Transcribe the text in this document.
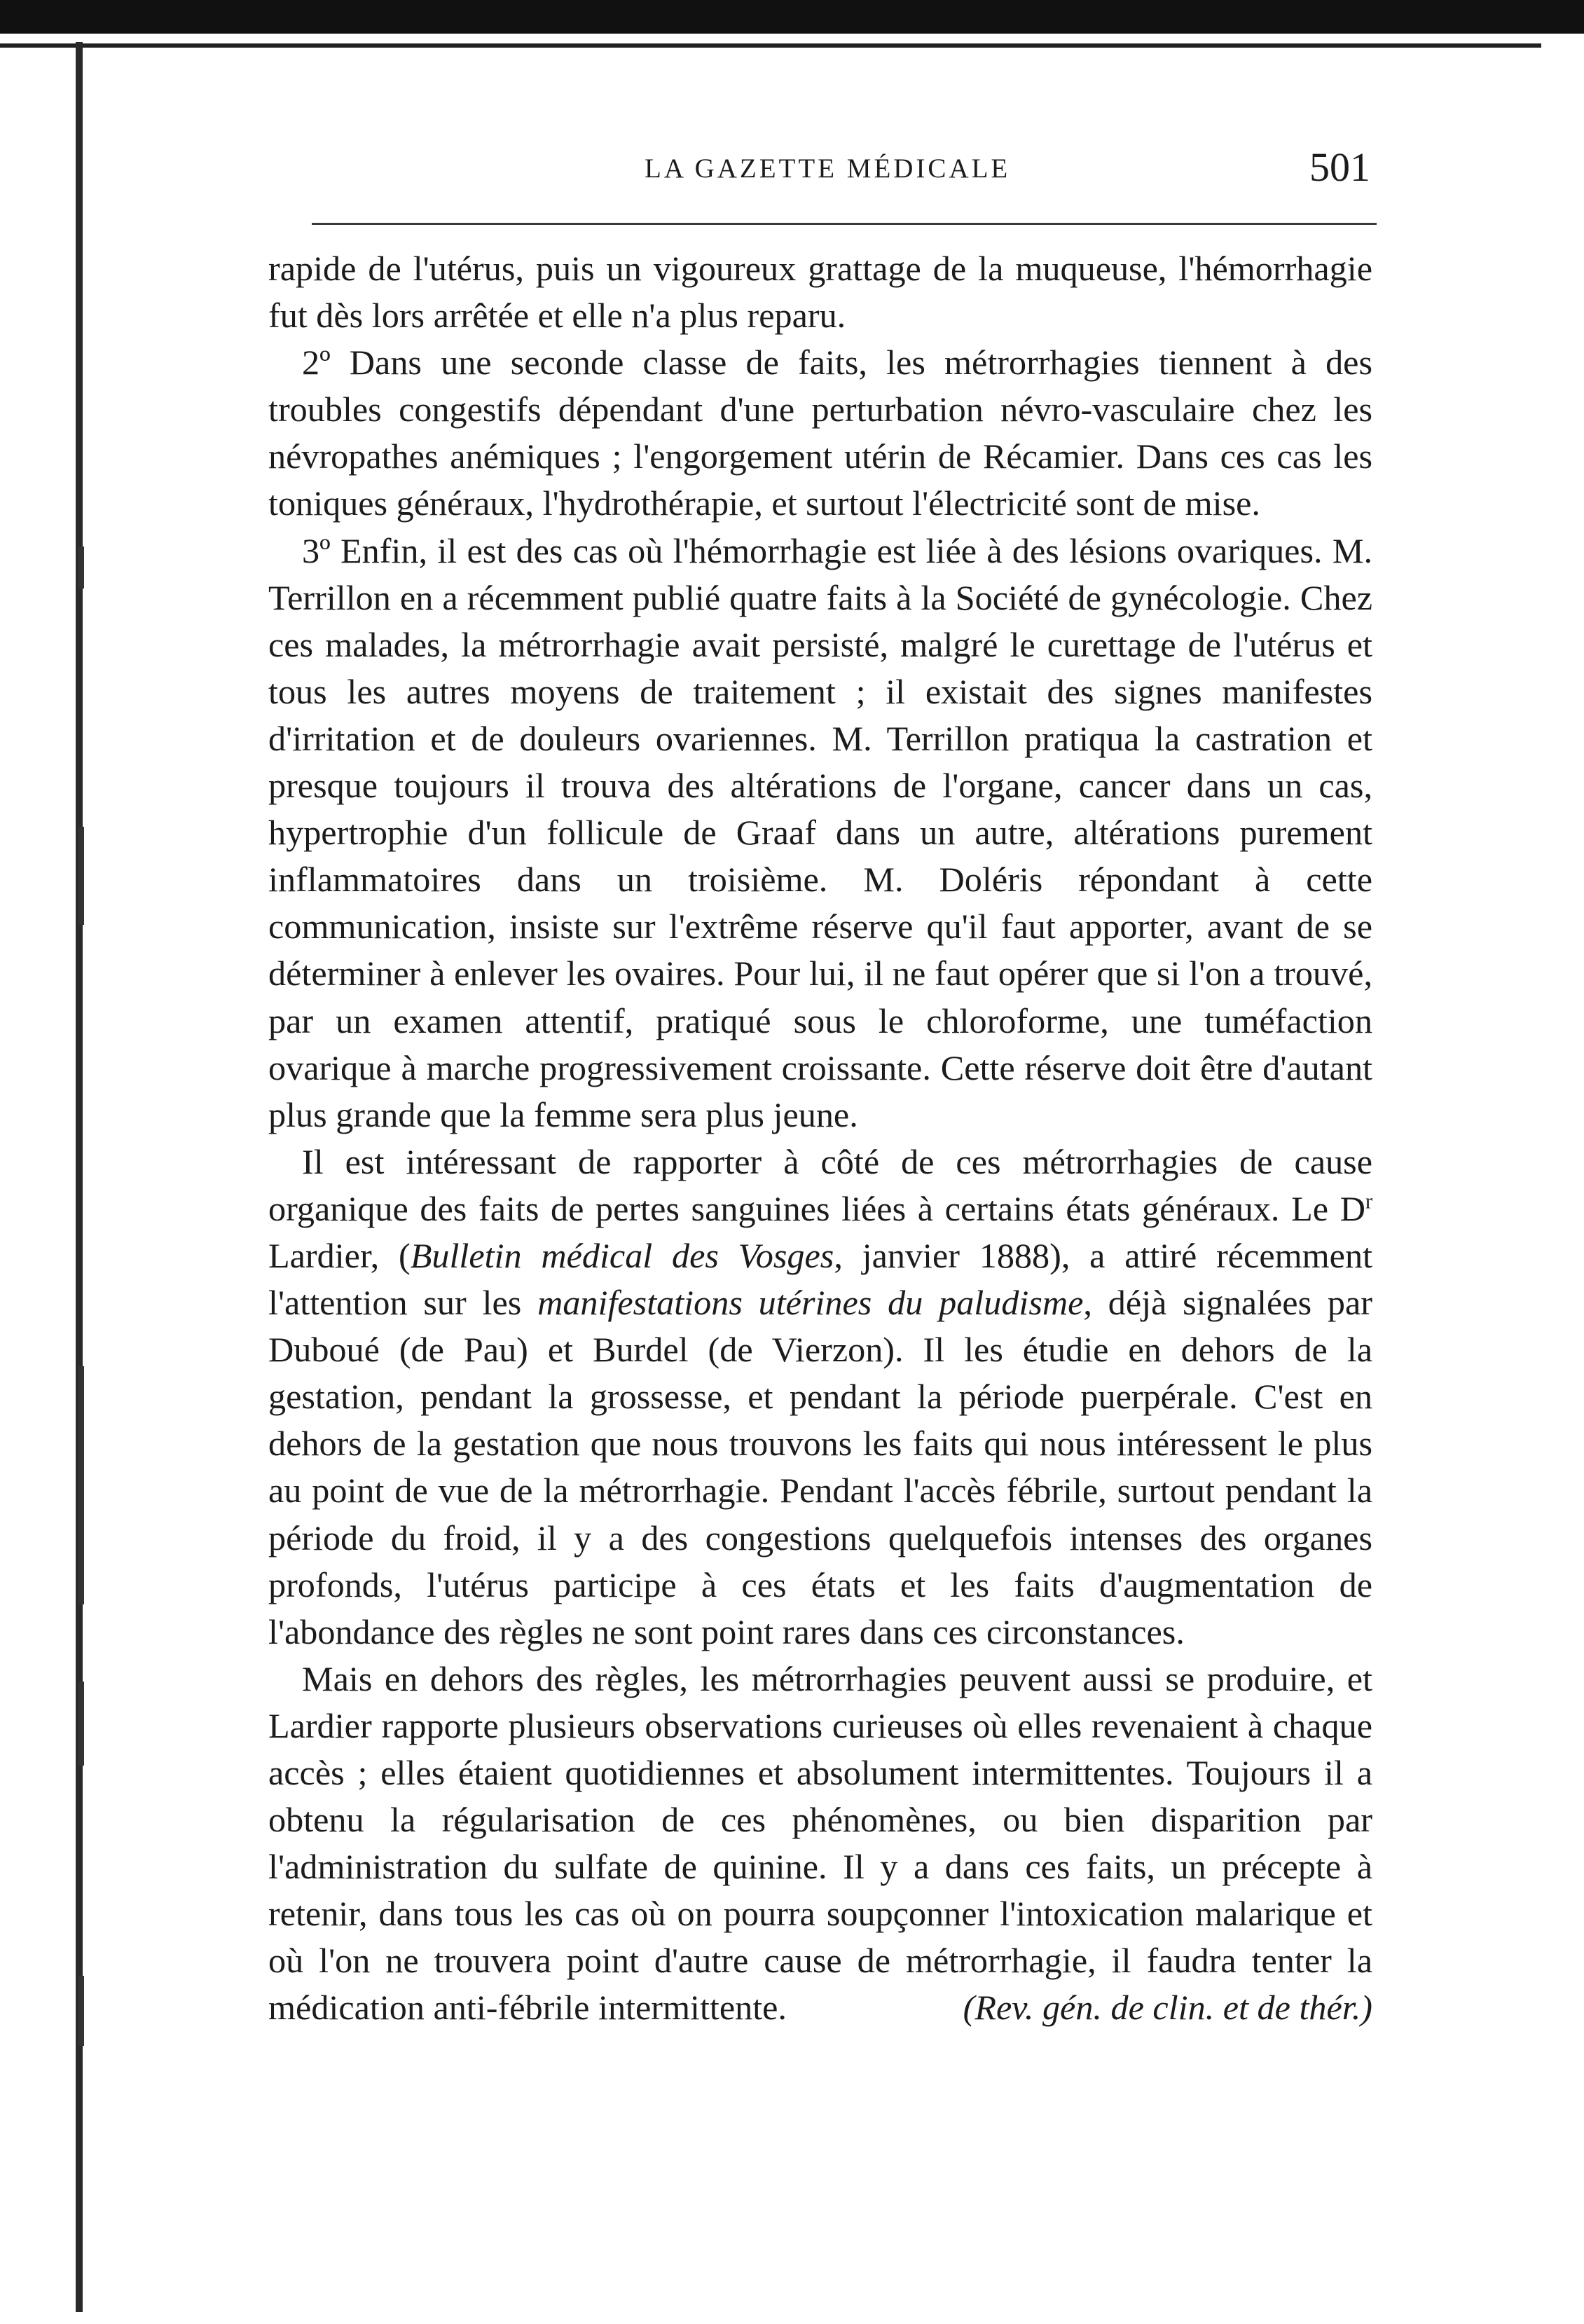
LA GAZETTE MÉDICALE	501

rapide de l'utérus, puis un vigoureux grattage de la muqueuse, l'hémorrhagie fut dès lors arrêtée et elle n'a plus reparu.

2º Dans une seconde classe de faits, les métrorrhagies tiennent à des troubles congestifs dépendant d'une perturbation névro-vasculaire chez les névropathes anémiques ; l'engorgement utérin de Récamier. Dans ces cas les toniques généraux, l'hydrothérapie, et surtout l'électricité sont de mise.

3º Enfin, il est des cas où l'hémorrhagie est liée à des lésions ovariques. M. Terrillon en a récemment publié quatre faits à la Société de gynécologie. Chez ces malades, la métrorrhagie avait persisté, malgré le curettage de l'utérus et tous les autres moyens de traitement ; il existait des signes manifestes d'irritation et de douleurs ovariennes. M. Terrillon pratiqua la castration et presque toujours il trouva des altérations de l'organe, cancer dans un cas, hypertrophie d'un follicule de Graaf dans un autre, altérations purement inflammatoires dans un troisième. M. Doléris répondant à cette communication, insiste sur l'extrême réserve qu'il faut apporter, avant de se déterminer à enlever les ovaires. Pour lui, il ne faut opérer que si l'on a trouvé, par un examen attentif, pratiqué sous le chloroforme, une tuméfaction ovarique à marche progressivement croissante. Cette réserve doit être d'autant plus grande que la femme sera plus jeune.

Il est intéressant de rapporter à côté de ces métrorrhagies de cause organique des faits de pertes sanguines liées à certains états généraux. Le $D^r$ Lardier, (Bulletin médical des Vosges, janvier 1888), a attiré récemment l'attention sur les manifestations utérines du paludisme, déjà signalées par Duboué (de Pau) et Burdel (de Vierzon). Il les étudie en dehors de la gestation, pendant la grossesse, et pendant la période puerpérale. C'est en dehors de la gestation que nous trouvons les faits qui nous intéressent le plus au point de vue de la métrorrhagie. Pendant l'accès fébrile, surtout pendant la période du froid, il y a des congestions quelquefois intenses des organes profonds, l'utérus participe à ces états et les faits d'augmentation de l'abondance des règles ne sont point rares dans ces circonstances.

Mais en dehors des règles, les métrorrhagies peuvent aussi se produire, et Lardier rapporte plusieurs observations curieuses où elles revenaient à chaque accès ; elles étaient quotidiennes et absolument intermittentes. Toujours il a obtenu la régularisation de ces phénomènes, ou bien disparition par l'administration du sulfate de quinine. Il y a dans ces faits, un précepte à retenir, dans tous les cas où on pourra soupçonner l'intoxication malarique et où l'on ne trouvera point d'autre cause de métrorrhagie, il faudra tenter la médication anti-fébrile intermittente.	(Rev. gén. de clin. et de thér.)
